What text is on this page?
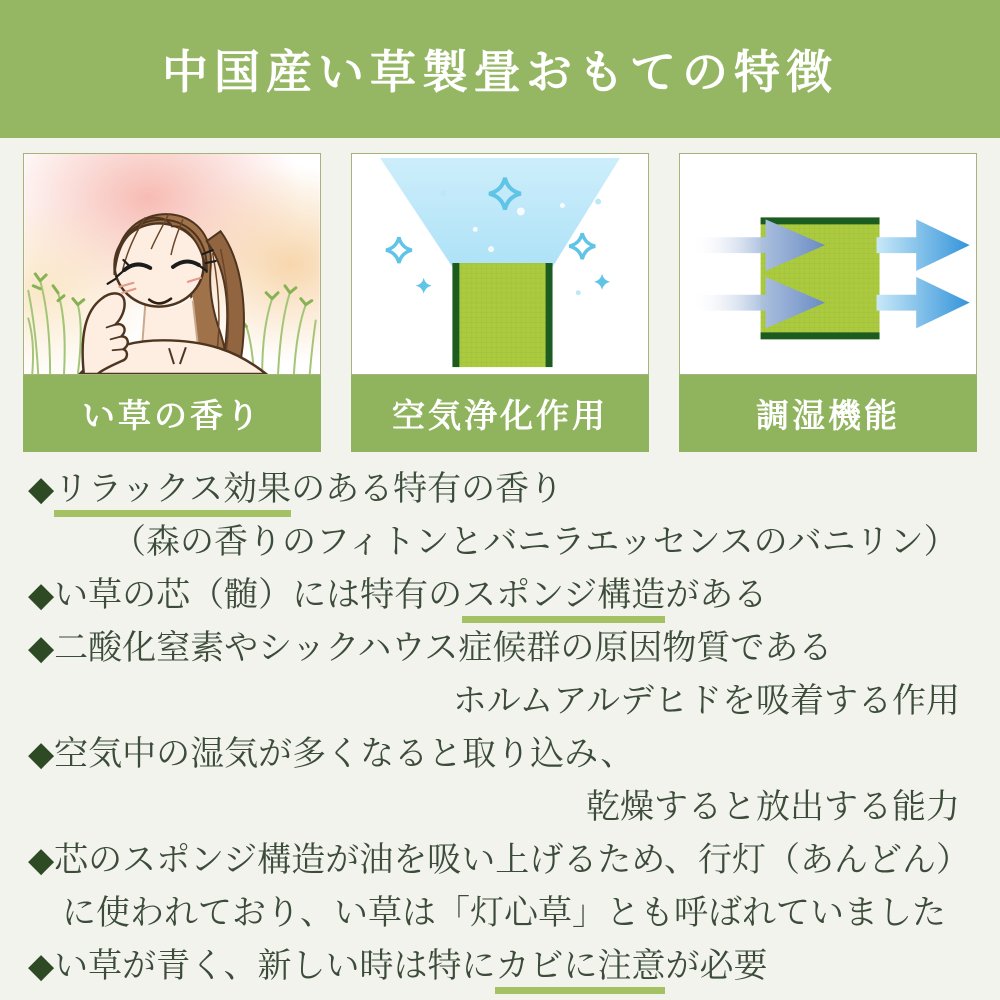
中国産い草製畳おもての特徴
い草の香り	空気浄化作用	調湿機能
◆リラックス効果のある特有の香り
（森の香りのフィトンとバニラエッセンスのバニリン）
◆い草の芯（髄）には特有のスポンジ構造がある
◆二酸化窒素やシックハウス症候群の原因物質である
ホルムアルデヒドを吸着する作用
◆空気中の湿気が多くなると取り込み、
乾燥すると放出する能力
◆芯のスポンジ構造が油を吸い上げるため、行灯（あんどん）
に使われており、い草は「灯心草」とも呼ばれていました
◆い草が青く、新しい時は特にカビに注意が必要
